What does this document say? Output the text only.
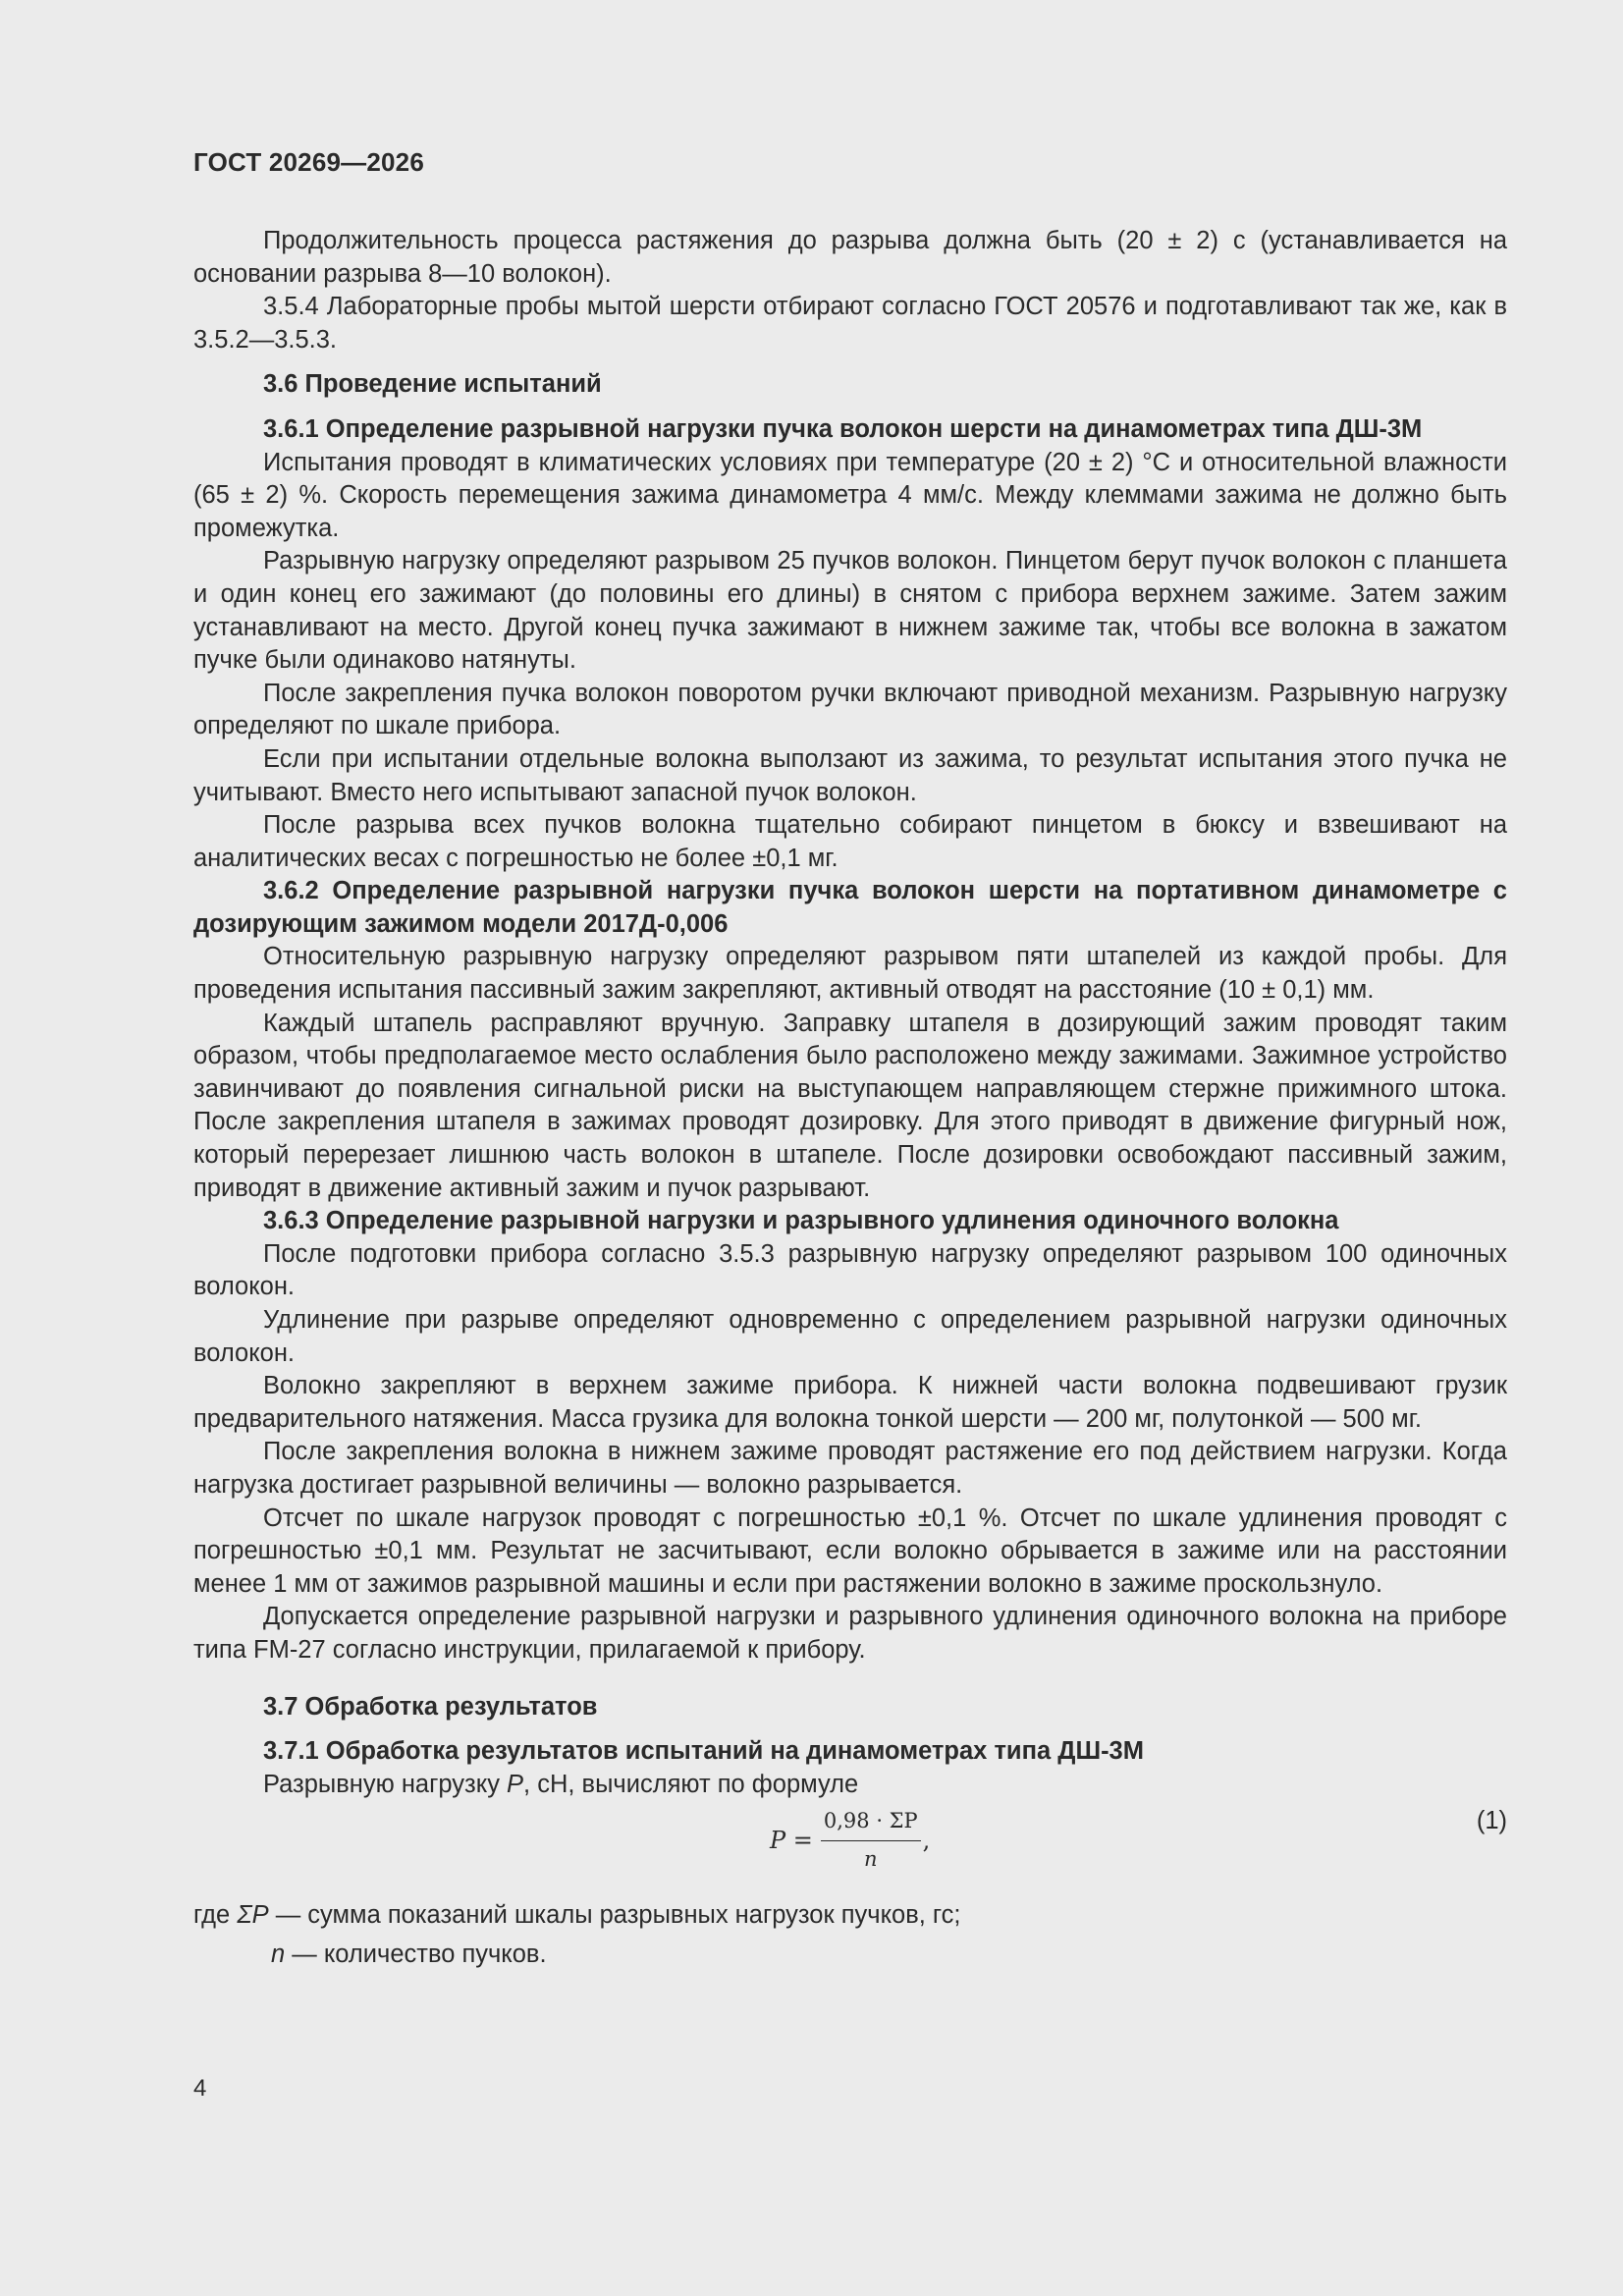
ГОСТ 20269—2026

Продолжительность процесса растяжения до разрыва должна быть (20 ± 2) с (устанавливается на основании разрыва 8—10 волокон).

3.5.4 Лабораторные пробы мытой шерсти отбирают согласно ГОСТ 20576 и подготавливают так же, как в 3.5.2—3.5.3.

3.6 Проведение испытаний

3.6.1 Определение разрывной нагрузки пучка волокон шерсти на динамометрах типа ДШ-3М

Испытания проводят в климатических условиях при температуре (20 ± 2) °С и относительной влажности (65 ± 2) %. Скорость перемещения зажима динамометра 4 мм/с. Между клеммами зажима не должно быть промежутка.

Разрывную нагрузку определяют разрывом 25 пучков волокон. Пинцетом берут пучок волокон с планшета и один конец его зажимают (до половины его длины) в снятом с прибора верхнем зажиме. Затем зажим устанавливают на место. Другой конец пучка зажимают в нижнем зажиме так, чтобы все волокна в зажатом пучке были одинаково натянуты.

После закрепления пучка волокон поворотом ручки включают приводной механизм. Разрывную нагрузку определяют по шкале прибора.

Если при испытании отдельные волокна выползают из зажима, то результат испытания этого пучка не учитывают. Вместо него испытывают запасной пучок волокон.

После разрыва всех пучков волокна тщательно собирают пинцетом в бюксу и взвешивают на аналитических весах с погрешностью не более ±0,1 мг.

3.6.2 Определение разрывной нагрузки пучка волокон шерсти на портативном динамометре с дозирующим зажимом модели 2017Д-0,006

Относительную разрывную нагрузку определяют разрывом пяти штапелей из каждой пробы. Для проведения испытания пассивный зажим закрепляют, активный отводят на расстояние (10 ± 0,1) мм.

Каждый штапель расправляют вручную. Заправку штапеля в дозирующий зажим проводят таким образом, чтобы предполагаемое место ослабления было расположено между зажимами. Зажимное устройство завинчивают до появления сигнальной риски на выступающем направляющем стержне прижимного штока. После закрепления штапеля в зажимах проводят дозировку. Для этого приводят в движение фигурный нож, который перерезает лишнюю часть волокон в штапеле. После дозировки освобождают пассивный зажим, приводят в движение активный зажим и пучок разрывают.

3.6.3 Определение разрывной нагрузки и разрывного удлинения одиночного волокна

После подготовки прибора согласно 3.5.3 разрывную нагрузку определяют разрывом 100 одиночных волокон.

Удлинение при разрыве определяют одновременно с определением разрывной нагрузки одиночных волокон.

Волокно закрепляют в верхнем зажиме прибора. К нижней части волокна подвешивают грузик предварительного натяжения. Масса грузика для волокна тонкой шерсти — 200 мг, полутонкой — 500 мг.

После закрепления волокна в нижнем зажиме проводят растяжение его под действием нагрузки. Когда нагрузка достигает разрывной величины — волокно разрывается.

Отсчет по шкале нагрузок проводят с погрешностью ±0,1 %. Отсчет по шкале удлинения проводят с погрешностью ±0,1 мм. Результат не засчитывают, если волокно обрывается в зажиме или на расстоянии менее 1 мм от зажимов разрывной машины и если при растяжении волокно в зажиме проскользнуло.

Допускается определение разрывной нагрузки и разрывного удлинения одиночного волокна на приборе типа FM-27 согласно инструкции, прилагаемой к прибору.

3.7 Обработка результатов

3.7.1 Обработка результатов испытаний на динамометрах типа ДШ-3М

Разрывную нагрузку P, сН, вычисляют по формуле

$P = \frac{0,98 \cdot \Sigma P}{n}$ ,
(1)

где ΣP — сумма показаний шкалы разрывных нагрузок пучков, гс;

n — количество пучков.

4
